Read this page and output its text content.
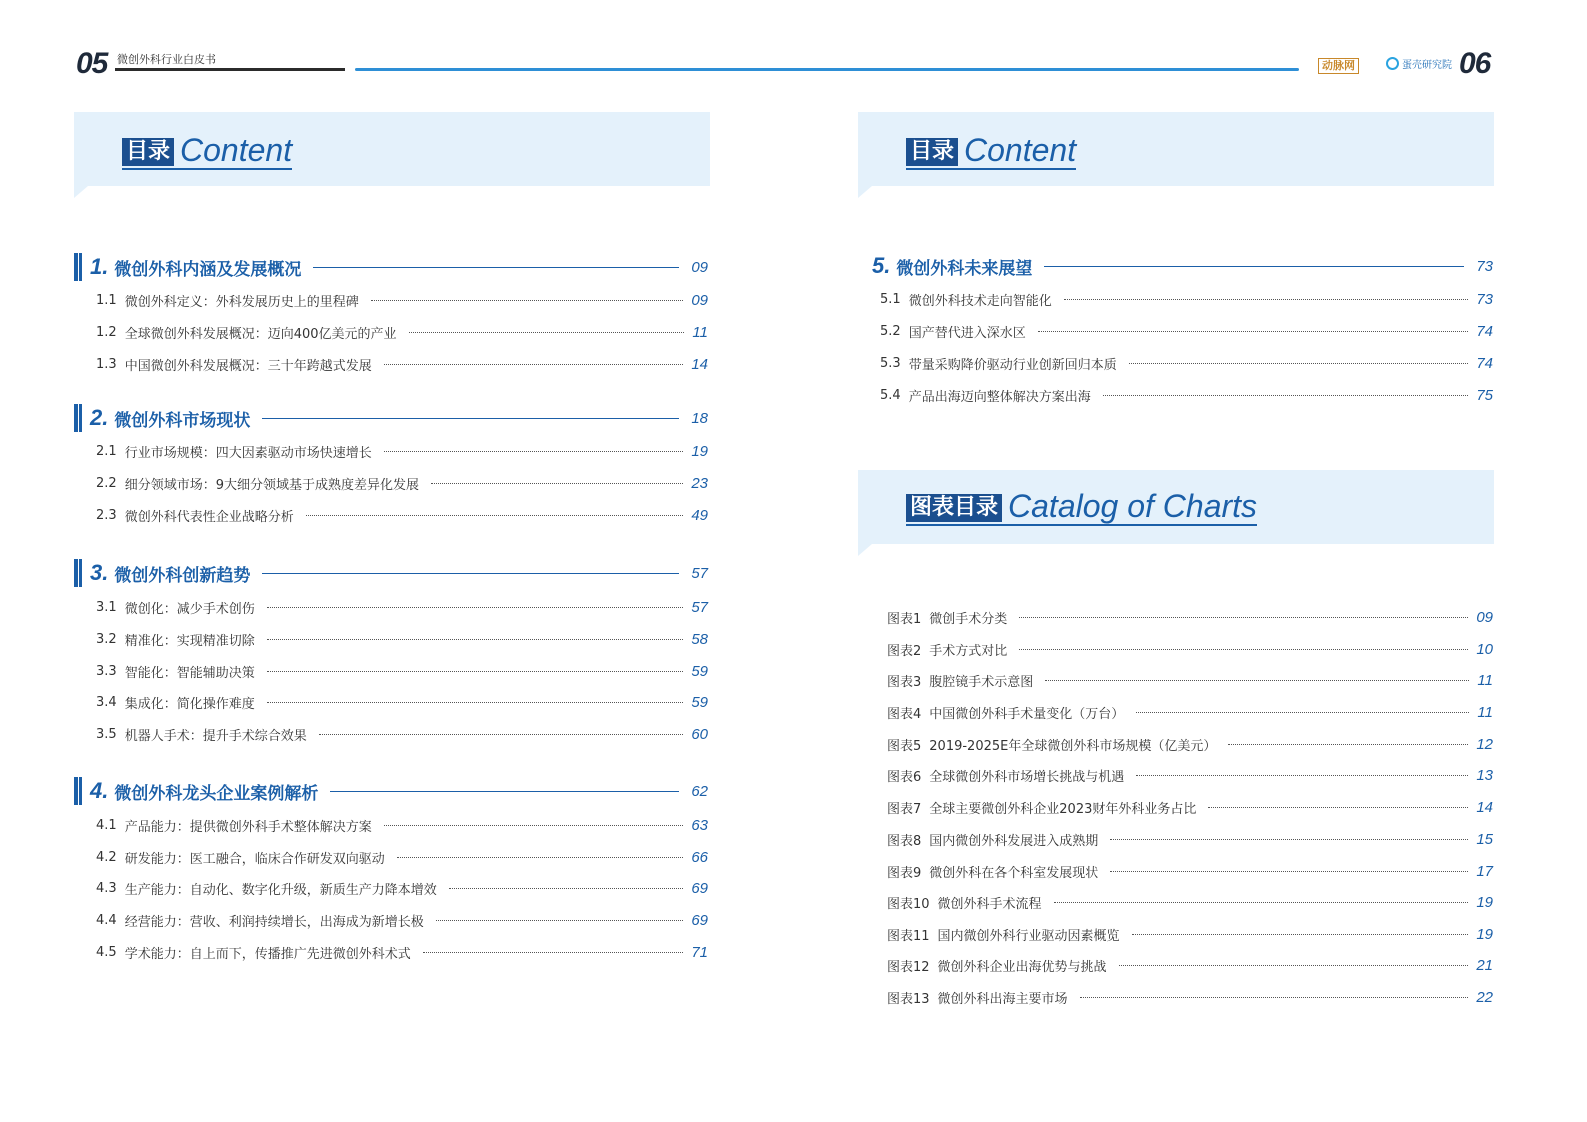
05 微创外科行业白皮书	动脉网	蛋壳研究院 06
目录 Content	目录 Content
图表目录 Catalog of Charts
1. 微创外科内涵及发展概况	09
1.1 微创外科定义：外科发展历史上的里程碑	09
1.2 全球微创外科发展概况：迈向400亿美元的产业	11
1.3 中国微创外科发展概况：三十年跨越式发展	14
2. 微创外科市场现状	18
2.1 行业市场规模：四大因素驱动市场快速增长	19
2.2 细分领域市场：9大细分领域基于成熟度差异化发展	23
2.3 微创外科代表性企业战略分析	49
3. 微创外科创新趋势	57
3.1 微创化：减少手术创伤	57
3.2 精准化：实现精准切除	58
3.3 智能化：智能辅助决策	59
3.4 集成化：简化操作难度	59
3.5 机器人手术：提升手术综合效果	60
4. 微创外科龙头企业案例解析	62
4.1 产品能力：提供微创外科手术整体解决方案	63
4.2 研发能力：医工融合，临床合作研发双向驱动	66
4.3 生产能力：自动化、数字化升级，新质生产力降本增效	69
4.4 经营能力：营收、利润持续增长，出海成为新增长极	69
4.5 学术能力：自上而下，传播推广先进微创外科术式	71
5. 微创外科未来展望	73
5.1 微创外科技术走向智能化	73
5.2 国产替代进入深水区	74
5.3 带量采购降价驱动行业创新回归本质	74
5.4 产品出海迈向整体解决方案出海	75
图表1 微创手术分类	09
图表2 手术方式对比	10
图表3 腹腔镜手术示意图	11
图表4 中国微创外科手术量变化（万台）	11
图表5 2019-2025E年全球微创外科市场规模（亿美元）	12
图表6 全球微创外科市场增长挑战与机遇	13
图表7 全球主要微创外科企业2023财年外科业务占比	14
图表8 国内微创外科发展进入成熟期	15
图表9 微创外科在各个科室发展现状	17
图表10 微创外科手术流程	19
图表11 国内微创外科行业驱动因素概览	19
图表12 微创外科企业出海优势与挑战	21
图表13 微创外科出海主要市场	22
